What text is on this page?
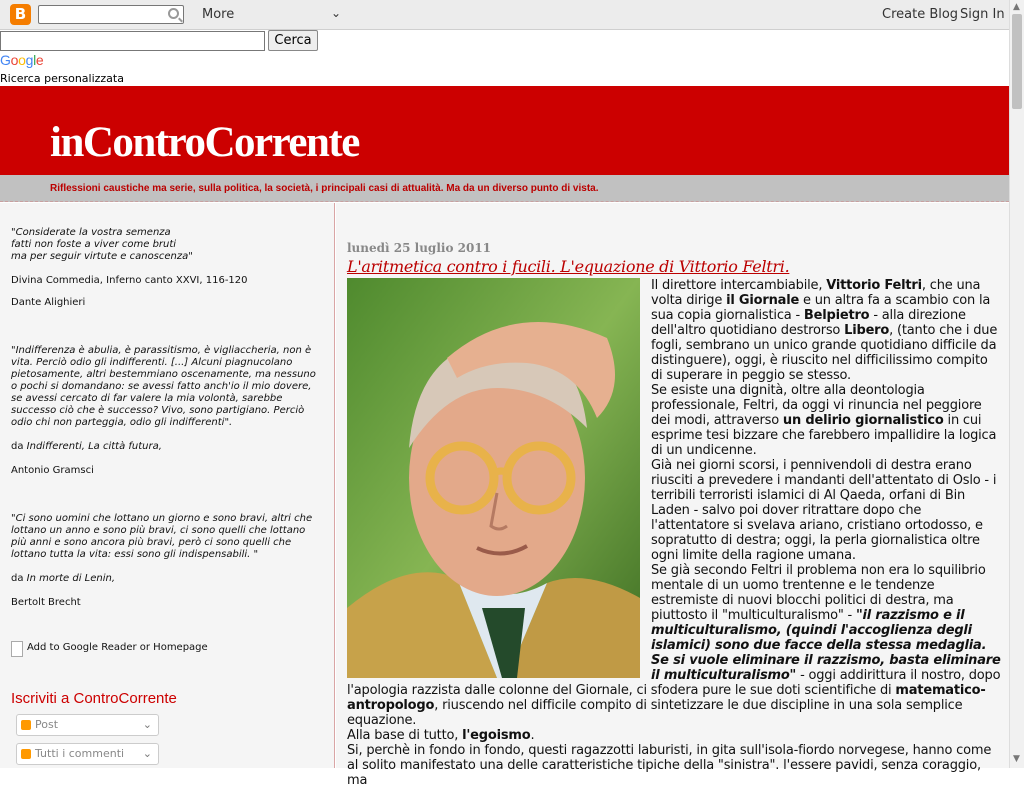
B	More	⌄	Create Blog Sign In
Cerca
Google
Ricerca personalizzata
inControCorrente
Riflessioni caustiche ma serie, sulla politica, la società, i principali casi di attualità. Ma da un diverso punto di vista.
"Considerate la vostra semenza
fatti non foste a viver come bruti
ma per seguir virtute e canoscenza"
Divina Commedia, Inferno canto XXVI, 116-120
Dante Alighieri
"Indifferenza è abulia, è parassitismo, è vigliaccheria, non è vita. Perciò odio gli indifferenti. [...] Alcuni piagnucolano pietosamente, altri bestemmiano oscenamente, ma nessuno o pochi si domandano: se avessi fatto anch'io il mio dovere, se avessi cercato di far valere la mia volontà, sarebbe successo ciò che è successo? Vivo, sono partigiano. Perciò odio chi non parteggia, odio gli indifferenti".
da Indifferenti, La città futura,
Antonio Gramsci
"Ci sono uomini che lottano un giorno e sono bravi, altri che lottano un anno e sono più bravi, ci sono quelli che lottano più anni e sono ancora più bravi, però ci sono quelli che lottano tutta la vita: essi sono gli indispensabili. "
da In morte di Lenin,
Bertolt Brecht
Add to Google Reader or Homepage
Iscriviti a ControCorrente
Post	⌄
Tutti i commenti ⌄
lunedì 25 luglio 2011
L'aritmetica contro i fucili. L'equazione di Vittorio Feltri.

Il direttore intercambiabile, Vittorio Feltri, che una volta dirige il Giornale e un altra fa a scambio con la sua copia giornalistica - Belpietro - alla direzione dell'altro quotidiano destrorso Libero, (tanto che i due fogli, sembrano un unico grande quotidiano difficile da distinguere), oggi, è riuscito nel difficilissimo compito di superare in peggio se stesso.

Se esiste una dignità, oltre alla deontologia professionale, Feltri, da oggi vi rinuncia nel peggiore dei modi, attraverso un delirio giornalistico in cui esprime tesi bizzare che farebbero impallidire la logica di un undicenne.

Già nei giorni scorsi, i pennivendoli di destra erano riusciti a prevedere i mandanti dell'attentato di Oslo - i terribili terroristi islamici di Al Qaeda, orfani di Bin Laden - salvo poi dover ritrattare dopo che l'attentatore si svelava ariano, cristiano ortodosso, e sopratutto di destra; oggi, la perla giornalistica oltre ogni limite della ragione umana.

Se già secondo Feltri il problema non era lo squilibrio mentale di un uomo trentenne e le tendenze estremiste di nuovi blocchi politici di destra, ma piuttosto il "multiculturalismo" - "il razzismo e il multiculturalismo, (quindi l'accoglienza degli islamici) sono due facce della stessa medaglia.
Se si vuole eliminare il razzismo, basta eliminare il multiculturalismo" - oggi addirittura il nostro, dopo l'apologia razzista dalle colonne del Giornale, ci sfodera pure le sue doti scientifiche di matematico-antropologo, riuscendo nel difficile compito di sintetizzare le due discipline in una sola semplice equazione.

Alla base di tutto, l'egoismo.

Si, perchè in fondo in fondo, questi ragazzotti laburisti, in gita sull'isola-fiordo norvegese, hanno come al solito manifestato una delle caratteristiche tipiche della "sinistra". l'essere pavidi, senza coraggio, ma

▲
▼
